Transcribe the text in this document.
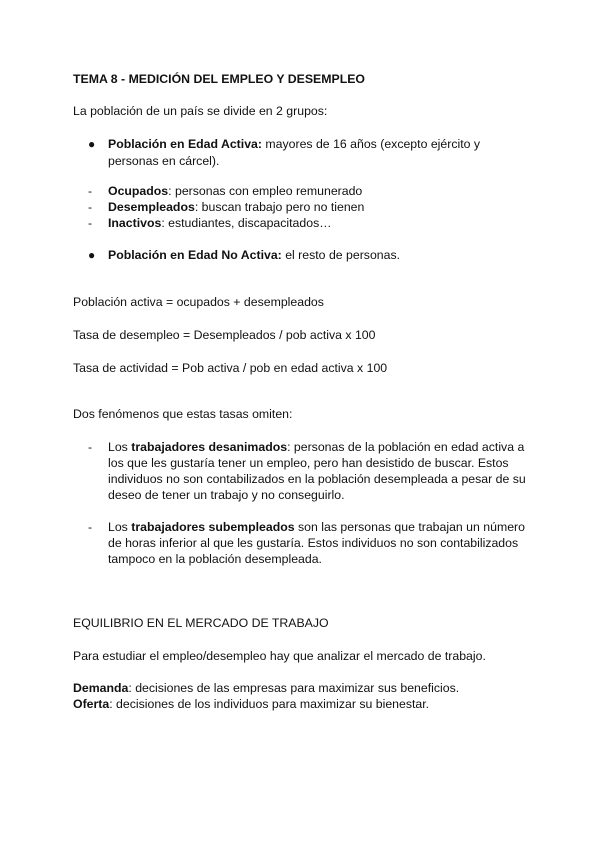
TEMA 8 - MEDICIÓN DEL EMPLEO Y DESEMPLEO
La población de un país se divide en 2 grupos:
● Población en Edad Activa: mayores de 16 años (excepto ejército y
personas en cárcel).
- Ocupados: personas con empleo remunerado
- Desempleados: buscan trabajo pero no tienen
- Inactivos: estudiantes, discapacitados…
● Población en Edad No Activa: el resto de personas.
Población activa = ocupados + desempleados
Tasa de desempleo = Desempleados / pob activa x 100
Tasa de actividad = Pob activa / pob en edad activa x 100
Dos fenómenos que estas tasas omiten:
- Los trabajadores desanimados: personas de la población en edad activa a
los que les gustaría tener un empleo, pero han desistido de buscar. Estos
individuos no son contabilizados en la población desempleada a pesar de su
deseo de tener un trabajo y no conseguirlo.
- Los trabajadores subempleados son las personas que trabajan un número
de horas inferior al que les gustaría. Estos individuos no son contabilizados
tampoco en la población desempleada.
EQUILIBRIO EN EL MERCADO DE TRABAJO
Para estudiar el empleo/desempleo hay que analizar el mercado de trabajo.
Demanda: decisiones de las empresas para maximizar sus beneficios.
Oferta: decisiones de los individuos para maximizar su bienestar.
